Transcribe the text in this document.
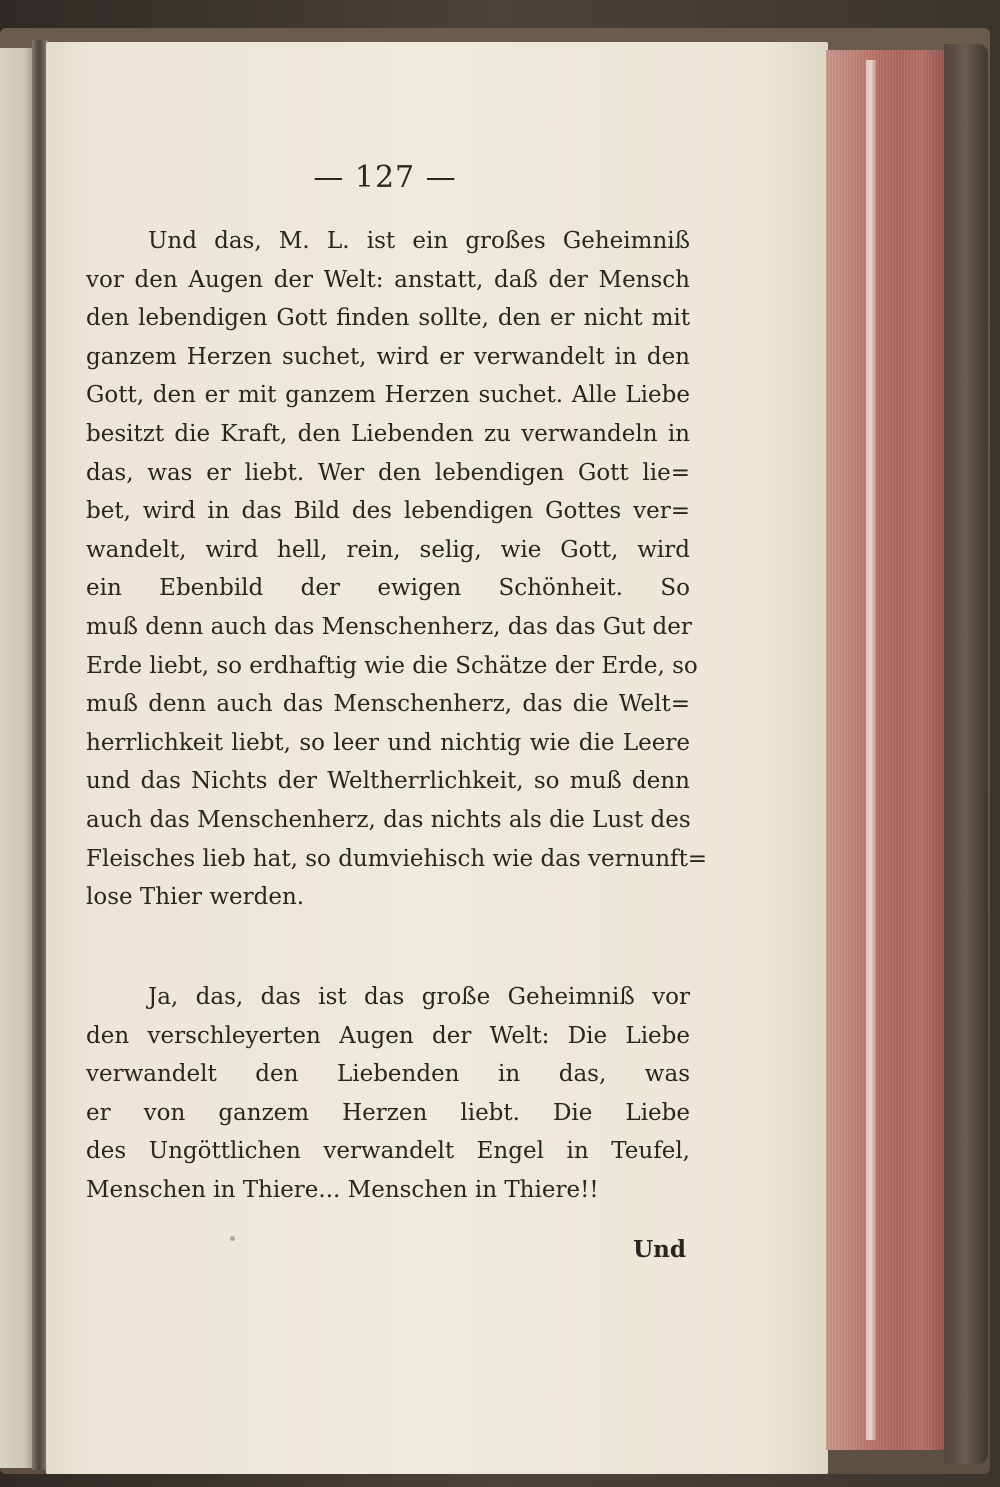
— 127 —
Und das, M. L. ist ein großes Geheimniß
vor den Augen der Welt: anstatt, daß der Mensch
den lebendigen Gott finden sollte, den er nicht mit
ganzem Herzen suchet, wird er verwandelt in den
Gott, den er mit ganzem Herzen suchet. Alle Liebe
besitzt die Kraft, den Liebenden zu verwandeln in
das, was er liebt. Wer den lebendigen Gott lie=
bet, wird in das Bild des lebendigen Gottes ver=
wandelt, wird hell, rein, selig, wie Gott, wird
ein Ebenbild der ewigen Schönheit. So
muß denn auch das Menschenherz, das das Gut der
Erde liebt, so erdhaftig wie die Schätze der Erde, so
muß denn auch das Menschenherz, das die Welt=
herrlichkeit liebt, so leer und nichtig wie die Leere
und das Nichts der Weltherrlichkeit, so muß denn
auch das Menschenherz, das nichts als die Lust des
Fleisches lieb hat, so dumviehisch wie das vernunft=
lose Thier werden.
Ja, das, das ist das große Geheimniß vor
den verschleyerten Augen der Welt: Die Liebe
verwandelt den Liebenden in das, was
er von ganzem Herzen liebt. Die Liebe
des Ungöttlichen verwandelt Engel in Teufel,
Menschen in Thiere... Menschen in Thiere!!
Und
